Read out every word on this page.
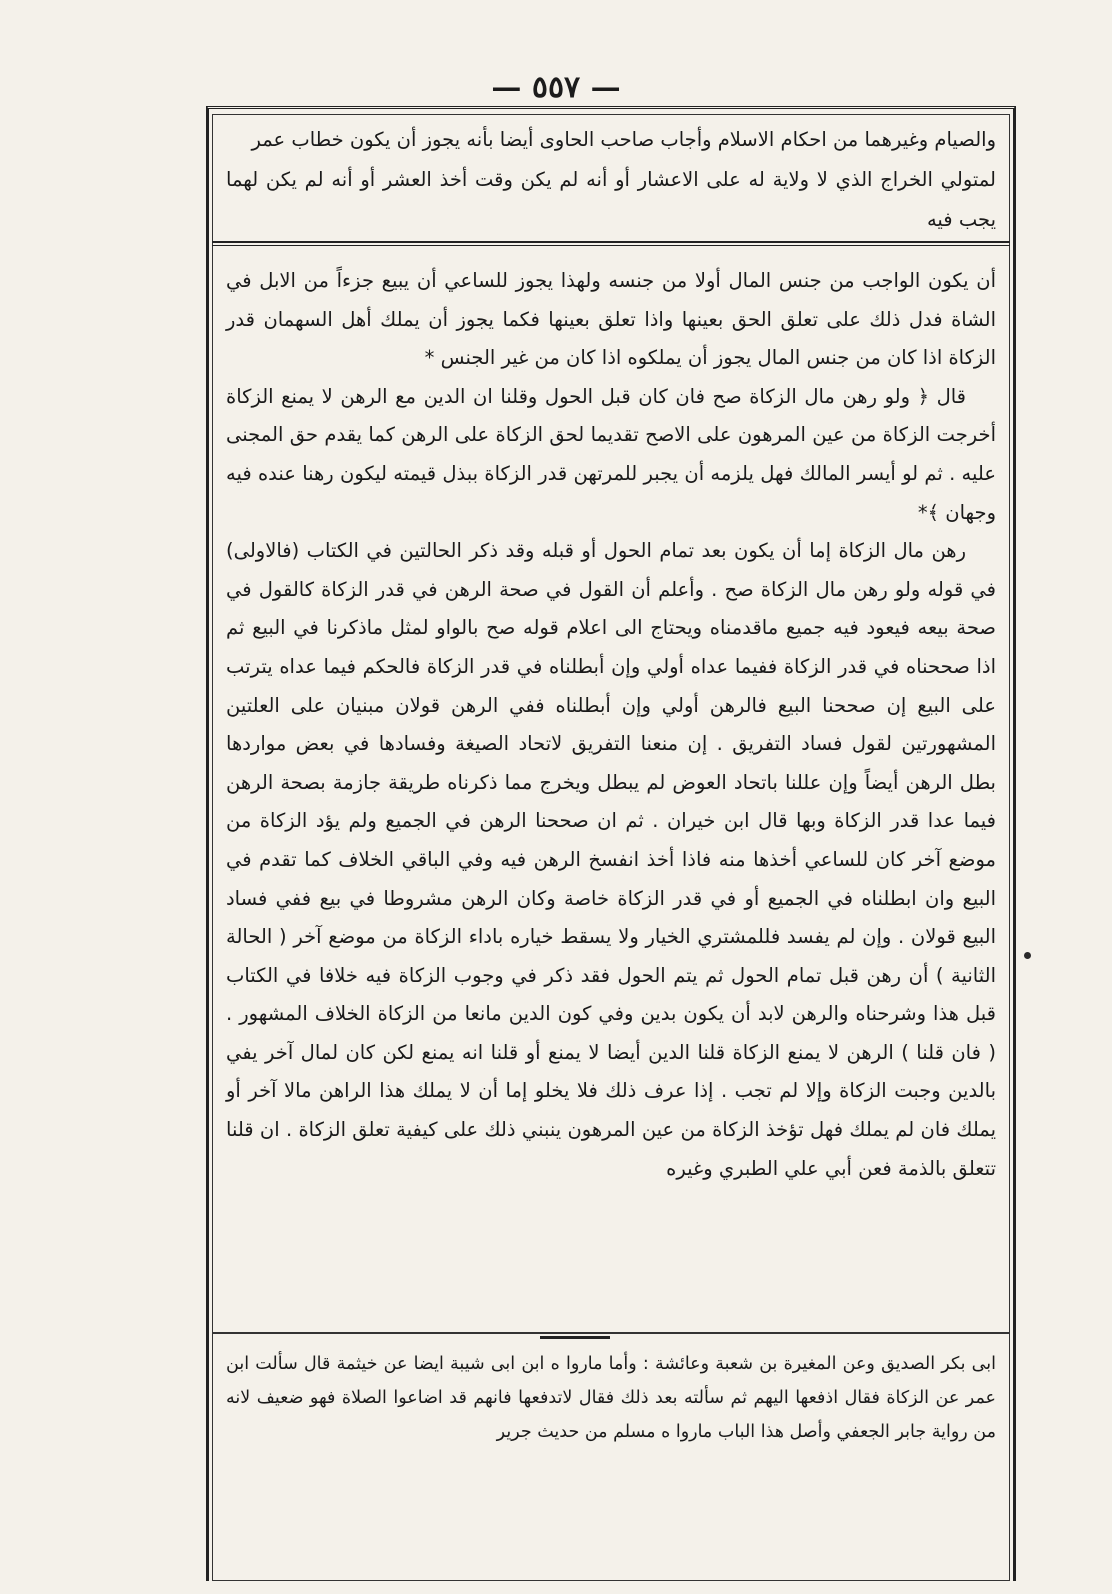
— ٥٥٧ —

والصيام وغيرهما من احكام الاسلام وأجاب صاحب الحاوى أيضا بأنه يجوز أن يكون خطاب عمر

لمتولي الخراج الذي لا ولاية له على الاعشار أو أنه لم يكن وقت أخذ العشر أو أنه لم يكن لهما يجب فيه

أن يكون الواجب من جنس المال أولا من جنسه ولهذا يجوز للساعي أن يبيع جزءاً من الابل في الشاة فدل ذلك على تعلق الحق بعينها واذا تعلق بعينها فكما يجوز أن يملك أهل السهمان قدر الزكاة اذا كان من جنس المال يجوز أن يملكوه اذا كان من غير الجنس *

قال ﴿ ولو رهن مال الزكاة صح فان كان قبل الحول وقلنا ان الدين مع الرهن لا يمنع الزكاة أخرجت الزكاة من عين المرهون على الاصح تقديما لحق الزكاة على الرهن كما يقدم حق المجنى عليه . ثم لو أيسر المالك فهل يلزمه أن يجبر للمرتهن قدر الزكاة ببذل قيمته ليكون رهنا عنده فيه وجهان ﴾*

رهن مال الزكاة إما أن يكون بعد تمام الحول أو قبله وقد ذكر الحالتين في الكتاب (فالاولى) في قوله ولو رهن مال الزكاة صح . وأعلم أن القول في صحة الرهن في قدر الزكاة كالقول في صحة بيعه فيعود فيه جميع ماقدمناه ويحتاج الى اعلام قوله صح بالواو لمثل ماذكرنا في البيع ثم اذا صححناه في قدر الزكاة ففيما عداه أولي وإن أبطلناه في قدر الزكاة فالحكم فيما عداه يترتب على البيع إن صححنا البيع فالرهن أولي وإن أبطلناه ففي الرهن قولان مبنيان على العلتين المشهورتين لقول فساد التفريق . إن منعنا التفريق لاتحاد الصيغة وفسادها في بعض مواردها بطل الرهن أيضاً وإن عللنا باتحاد العوض لم يبطل ويخرج مما ذكرناه طريقة جازمة بصحة الرهن فيما عدا قدر الزكاة وبها قال ابن خيران . ثم ان صححنا الرهن في الجميع ولم يؤد الزكاة من موضع آخر كان للساعي أخذها منه فاذا أخذ انفسخ الرهن فيه وفي الباقي الخلاف كما تقدم في البيع وان ابطلناه في الجميع أو في قدر الزكاة خاصة وكان الرهن مشروطا في بيع ففي فساد البيع قولان . وإن لم يفسد فللمشتري الخيار ولا يسقط خياره باداء الزكاة من موضع آخر ( الحالة الثانية ) أن رهن قبل تمام الحول ثم يتم الحول فقد ذكر في وجوب الزكاة فيه خلافا في الكتاب قبل هذا وشرحناه والرهن لابد أن يكون بدين وفي كون الدين مانعا من الزكاة الخلاف المشهور . ( فان قلنا ) الرهن لا يمنع الزكاة قلنا الدين أيضا لا يمنع أو قلنا انه يمنع لكن كان لمال آخر يفي بالدين وجبت الزكاة وإلا لم تجب . إذا عرف ذلك فلا يخلو إما أن لا يملك هذا الراهن مالا آخر أو يملك فان لم يملك فهل تؤخذ الزكاة من عين المرهون ينبني ذلك على كيفية تعلق الزكاة . ان قلنا تتعلق بالذمة فعن أبي علي الطبري وغيره

ابى بكر الصديق وعن المغيرة بن شعبة وعائشة : وأما ماروا ه ابن ابى شيبة ايضا عن خيثمة قال سألت ابن عمر عن الزكاة فقال اذفعها اليهم ثم سألته بعد ذلك فقال لاتدفعها فانهم قد اضاعوا الصلاة فهو ضعيف لانه من رواية جابر الجعفي وأصل هذا الباب ماروا ه مسلم من حديث جرير
